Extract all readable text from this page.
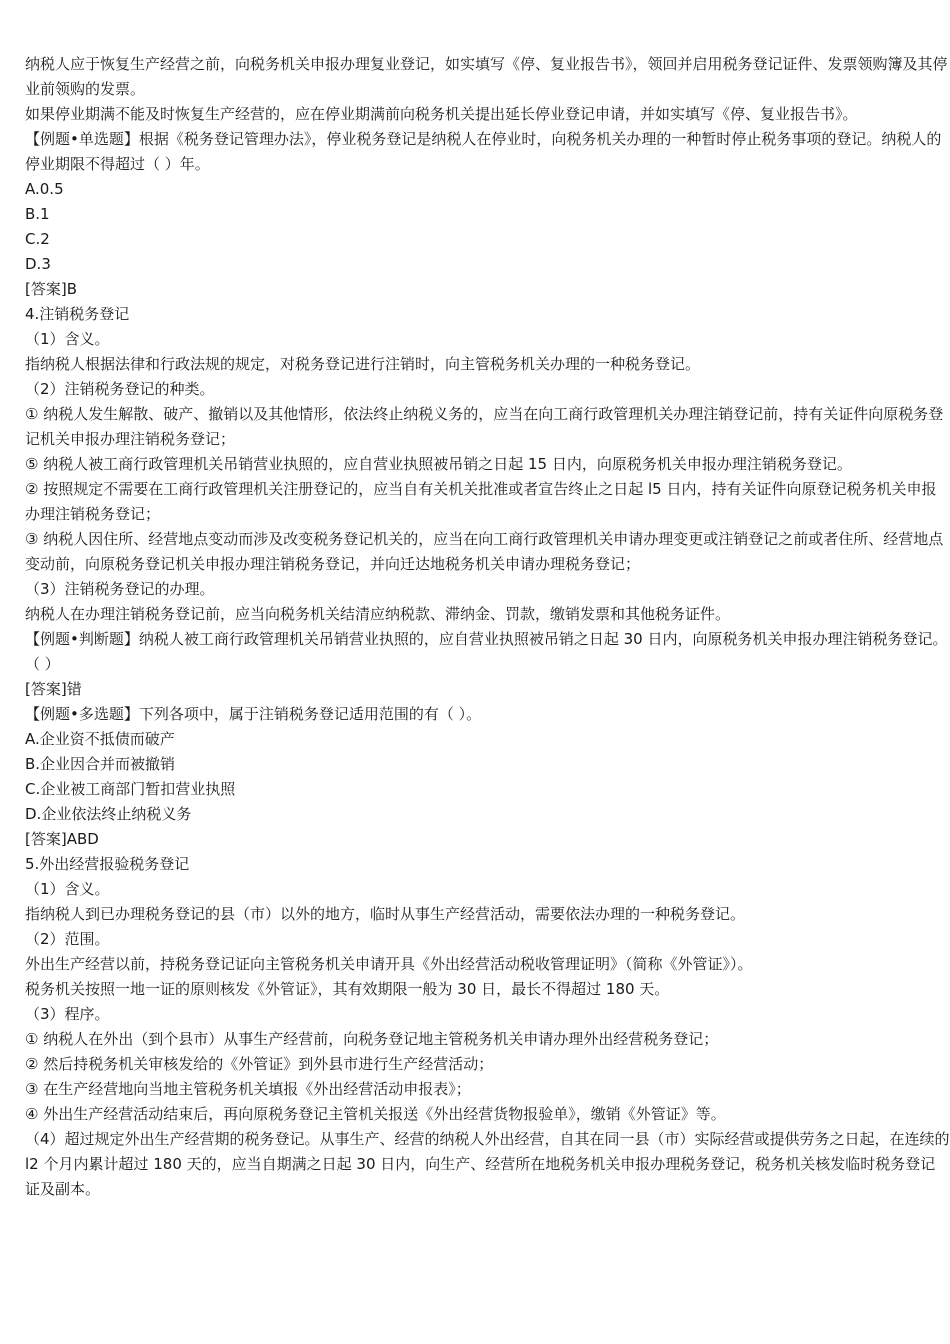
纳税人应于恢复生产经营之前，向税务机关申报办理复业登记，如实填写《停、复业报告书》，领回并启用税务登记证件、发票领购簿及其停业前领购的发票。

如果停业期满不能及时恢复生产经营的，应在停业期满前向税务机关提出延长停业登记申请，并如实填写《停、复业报告书》。

【例题•单选题】根据《税务登记管理办法》，停业税务登记是纳税人在停业时，向税务机关办理的一种暂时停止税务事项的登记。纳税人的停业期限不得超过（ ）年。

A.0.5

B.1

C.2

D.3

[答案]B

4.注销税务登记

（1）含义。

指纳税人根据法律和行政法规的规定，对税务登记进行注销时，向主管税务机关办理的一种税务登记。

（2）注销税务登记的种类。

① 纳税人发生解散、破产、撤销以及其他情形，依法终止纳税义务的，应当在向工商行政管理机关办理注销登记前，持有关证件向原税务登记机关申报办理注销税务登记；

⑤ 纳税人被工商行政管理机关吊销营业执照的，应自营业执照被吊销之日起 15 日内，向原税务机关申报办理注销税务登记。

② 按照规定不需要在工商行政管理机关注册登记的，应当自有关机关批准或者宣告终止之日起 l5 日内，持有关证件向原登记税务机关申报办理注销税务登记；

③ 纳税人因住所、经营地点变动而涉及改变税务登记机关的，应当在向工商行政管理机关申请办理变更或注销登记之前或者住所、经营地点变动前，向原税务登记机关申报办理注销税务登记，并向迁达地税务机关申请办理税务登记；

（3）注销税务登记的办理。

纳税人在办理注销税务登记前，应当向税务机关结清应纳税款、滞纳金、罚款，缴销发票和其他税务证件。

【例题•判断题】纳税人被工商行政管理机关吊销营业执照的，应自营业执照被吊销之日起 30 日内，向原税务机关申报办理注销税务登记。（ ）

[答案]错

【例题•多选题】下列各项中，属于注销税务登记适用范围的有（ ）。

A.企业资不抵债而破产

B.企业因合并而被撤销

C.企业被工商部门暂扣营业执照

D.企业依法终止纳税义务

[答案]ABD

5.外出经营报验税务登记

（1）含义。

指纳税人到已办理税务登记的县（市）以外的地方，临时从事生产经营活动，需要依法办理的一种税务登记。

（2）范围。

外出生产经营以前，持税务登记证向主管税务机关申请开具《外出经营活动税收管理证明》（简称《外管证》）。

税务机关按照一地一证的原则核发《外管证》，其有效期限一般为 30 日，最长不得超过 180 天。

（3）程序。

① 纳税人在外出（到个县市）从事生产经营前，向税务登记地主管税务机关申请办理外出经营税务登记；

② 然后持税务机关审核发给的《外管证》到外县市进行生产经营活动；

③ 在生产经营地向当地主管税务机关填报《外出经营活动申报表》；

④ 外出生产经营活动结束后，再向原税务登记主管机关报送《外出经营货物报验单》，缴销《外管证》等。

（4）超过规定外出生产经营期的税务登记。从事生产、经营的纳税人外出经营，自其在同一县（市）实际经营或提供劳务之日起，在连续的 l2 个月内累计超过 180 天的，应当自期满之日起 30 日内，向生产、经营所在地税务机关申报办理税务登记，税务机关核发临时税务登记证及副本。
